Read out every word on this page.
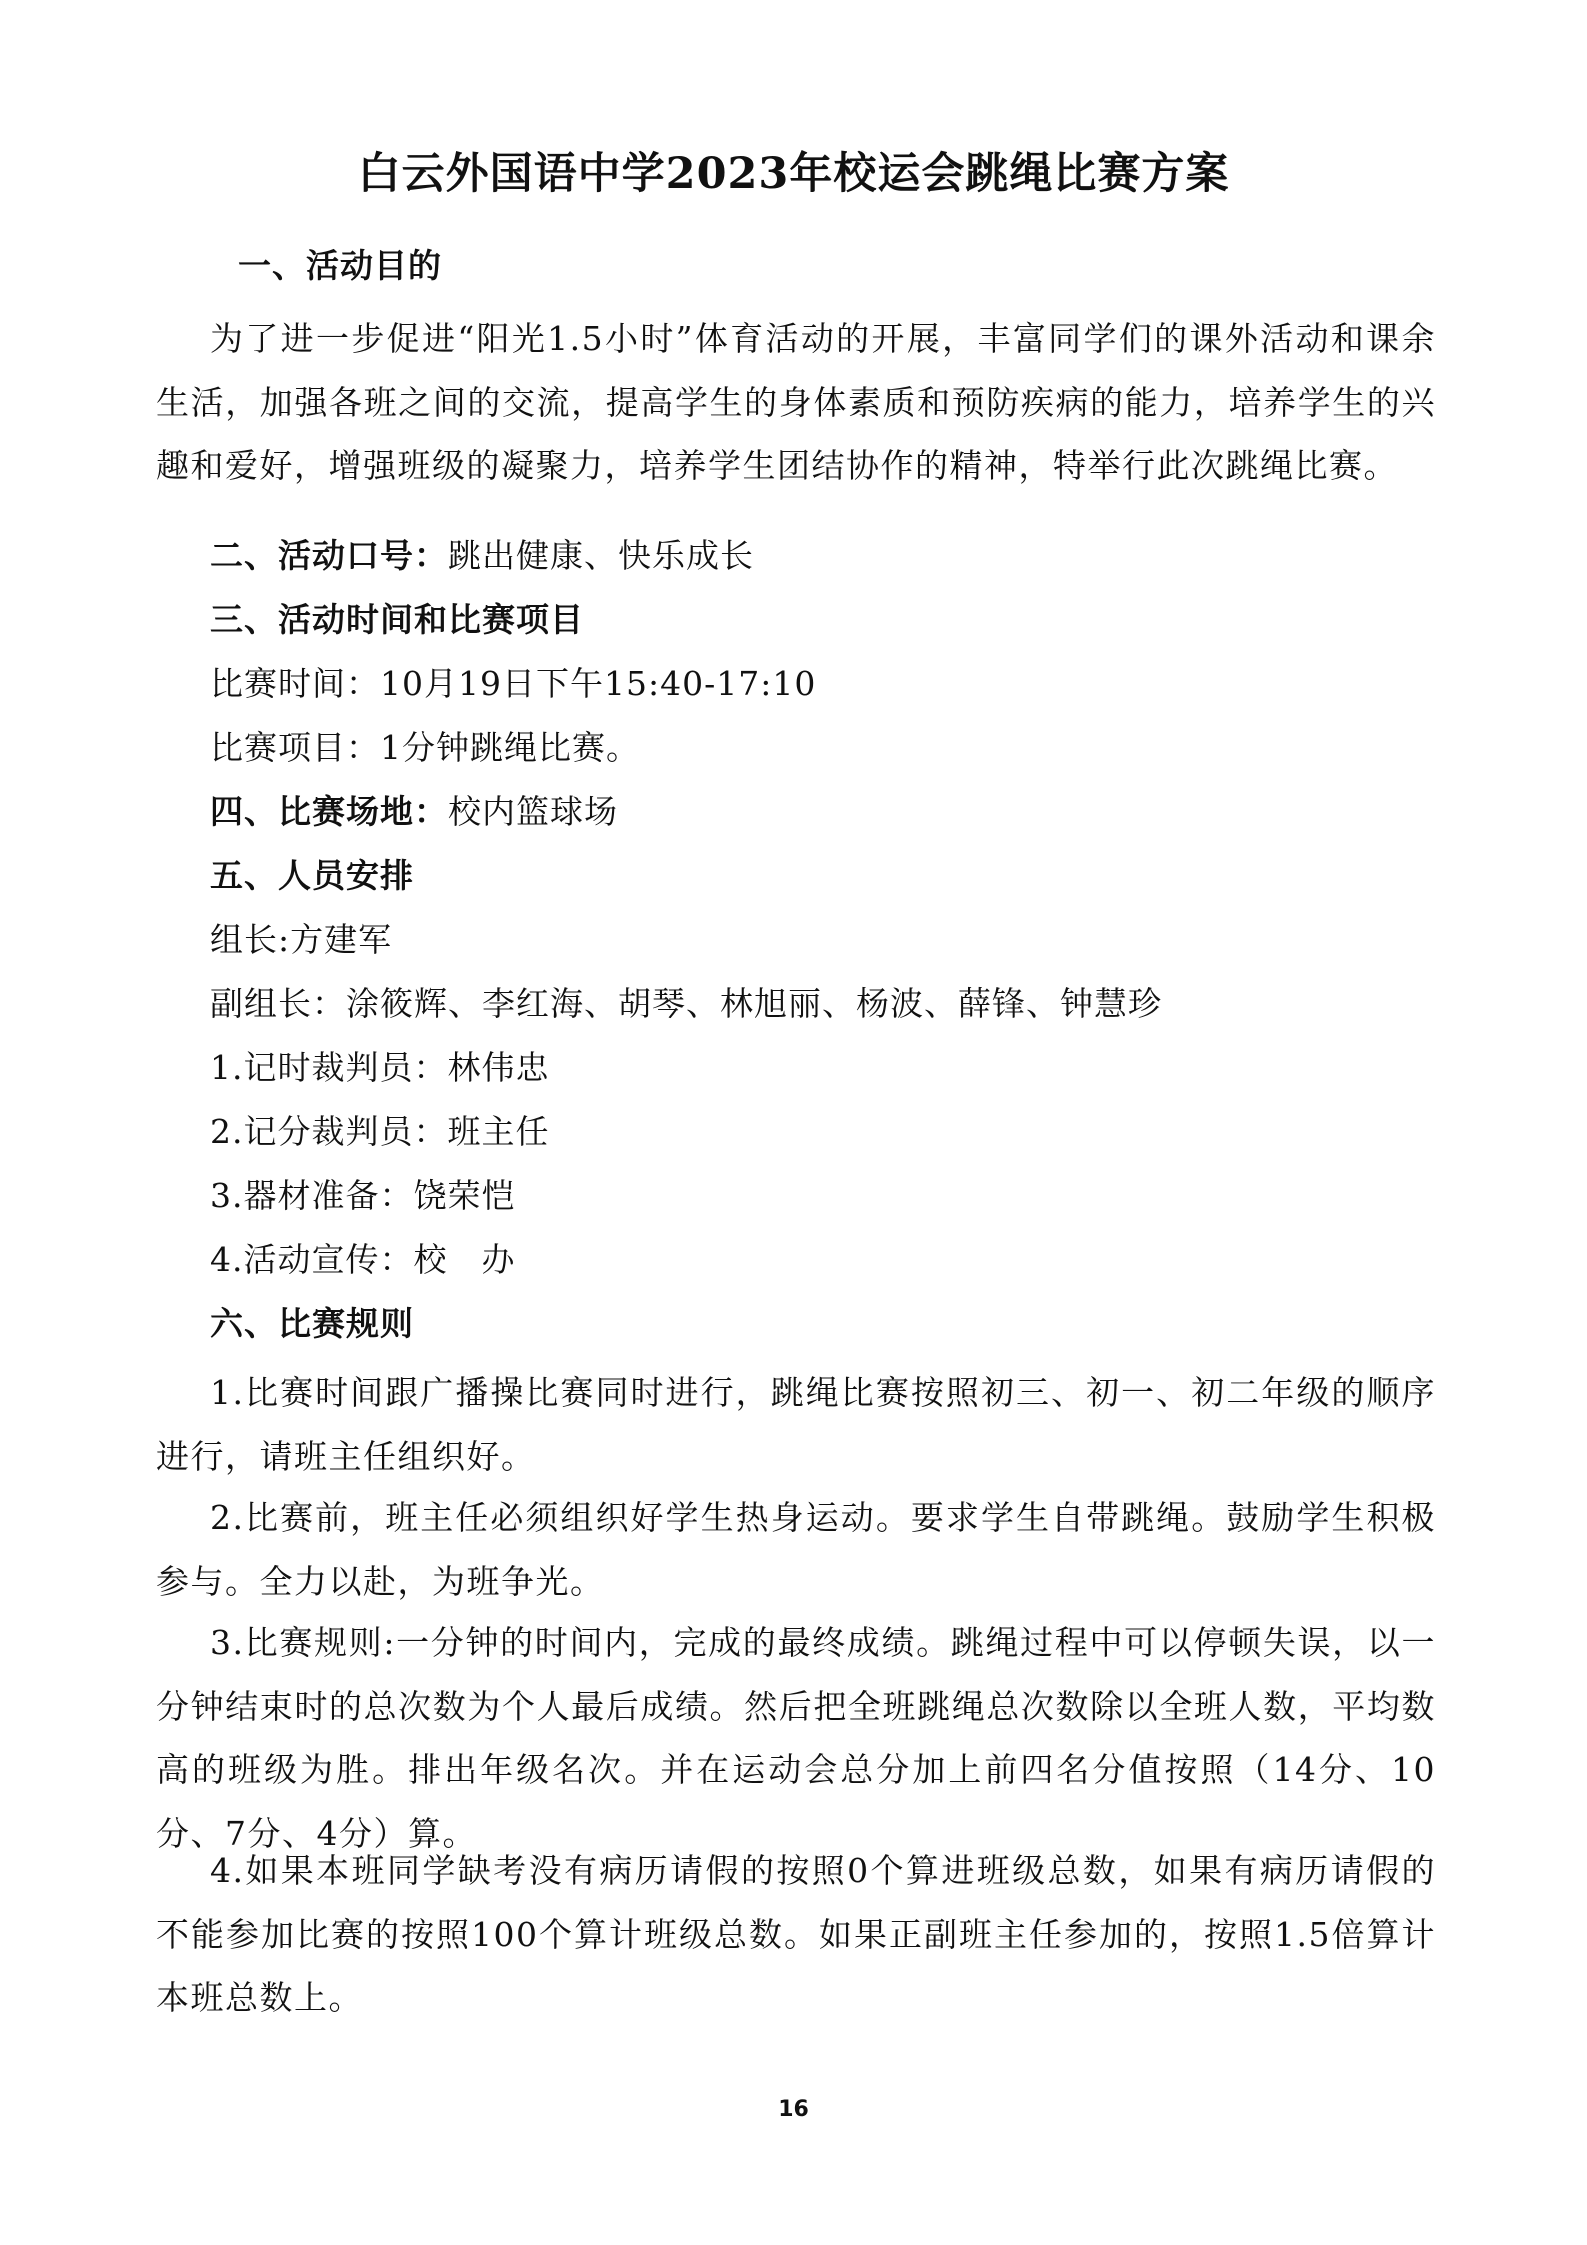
白云外国语中学2023年校运会跳绳比赛方案

一、活动目的

为了进一步促进“阳光1.5小时”体育活动的开展，丰富同学们的课外活动和课余生活，加强各班之间的交流，提高学生的身体素质和预防疾病的能力，培养学生的兴趣和爱好，增强班级的凝聚力，培养学生团结协作的精神，特举行此次跳绳比赛。

二、活动口号：跳出健康、快乐成长

三、活动时间和比赛项目

比赛时间：10月19日下午15:40-17:10

比赛项目：1分钟跳绳比赛。

四、比赛场地：校内篮球场

五、人员安排

组长:方建军

副组长：涂筱辉、李红海、胡琴、林旭丽、杨波、薛锋、钟慧珍

1.记时裁判员：林伟忠

2.记分裁判员：班主任

3.器材准备：饶荣恺

4.活动宣传：校　办

六、比赛规则

1.比赛时间跟广播操比赛同时进行，跳绳比赛按照初三、初一、初二年级的顺序进行，请班主任组织好。

2.比赛前，班主任必须组织好学生热身运动。要求学生自带跳绳。鼓励学生积极参与。全力以赴，为班争光。

3.比赛规则:一分钟的时间内，完成的最终成绩。跳绳过程中可以停顿失误，以一分钟结束时的总次数为个人最后成绩。然后把全班跳绳总次数除以全班人数，平均数高的班级为胜。排出年级名次。并在运动会总分加上前四名分值按照（14分、10分、7分、4分）算。

4.如果本班同学缺考没有病历请假的按照0个算进班级总数，如果有病历请假的不能参加比赛的按照100个算计班级总数。如果正副班主任参加的，按照1.5倍算计本班总数上。

16
